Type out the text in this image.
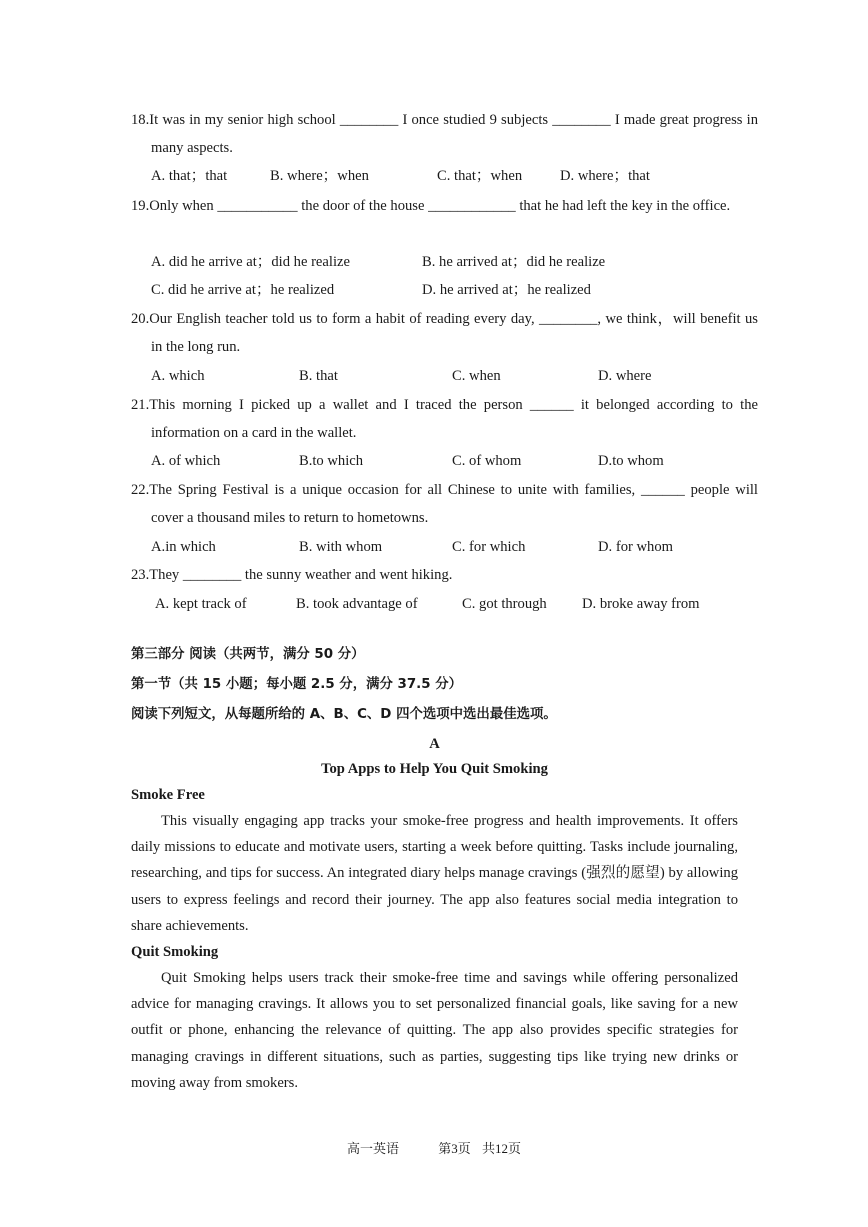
18.It was in my senior high school ________ I once studied 9 subjects ________ I made great progress in many aspects.
A. that；that	B. where；when	C. that；when	D. where；that
19.Only when ___________ the door of the house ____________ that he had left the key in the office.
A. did he arrive at；did he realize	B. he arrived at；did he realize
C. did he arrive at；he realized	D. he arrived at；he realized
20.Our English teacher told us to form a habit of reading every day, ________, we think，will benefit us in the long run.
A. which	B. that	C. when	D. where
21.This morning I picked up a wallet and I traced the person ______ it belonged according to the information on a card in the wallet.
A. of which	B.to which	C. of whom	D.to whom
22.The Spring Festival is a unique occasion for all Chinese to unite with families, ______ people will cover a thousand miles to return to hometowns.
A.in which	B. with whom	C. for which	D. for whom
23.They ________ the sunny weather and went hiking.
A. kept track of	B. took advantage of	C. got through D. broke away from
第三部分 阅读（共两节，满分 50 分）
第一节（共 15 小题；每小题 2.5 分，满分 37.5 分）
阅读下列短文，从每题所给的 A、B、C、D 四个选项中选出最佳选项。
A
Top Apps to Help You Quit Smoking
Smoke Free
This visually engaging app tracks your smoke-free progress and health improvements. It offers daily missions to educate and motivate users, starting a week before quitting. Tasks include journaling, researching, and tips for success. An integrated diary helps manage cravings (强烈的愿望) by allowing users to express feelings and record their journey. The app also features social media integration to share achievements.
Quit Smoking
Quit Smoking helps users track their smoke-free time and savings while offering personalized advice for managing cravings. It allows you to set personalized financial goals, like saving for a new outfit or phone, enhancing the relevance of quitting. The app also provides specific strategies for managing cravings in different situations, such as parties, suggesting tips like trying new drinks or moving away from smokers.
高一英语	第3页 共12页
